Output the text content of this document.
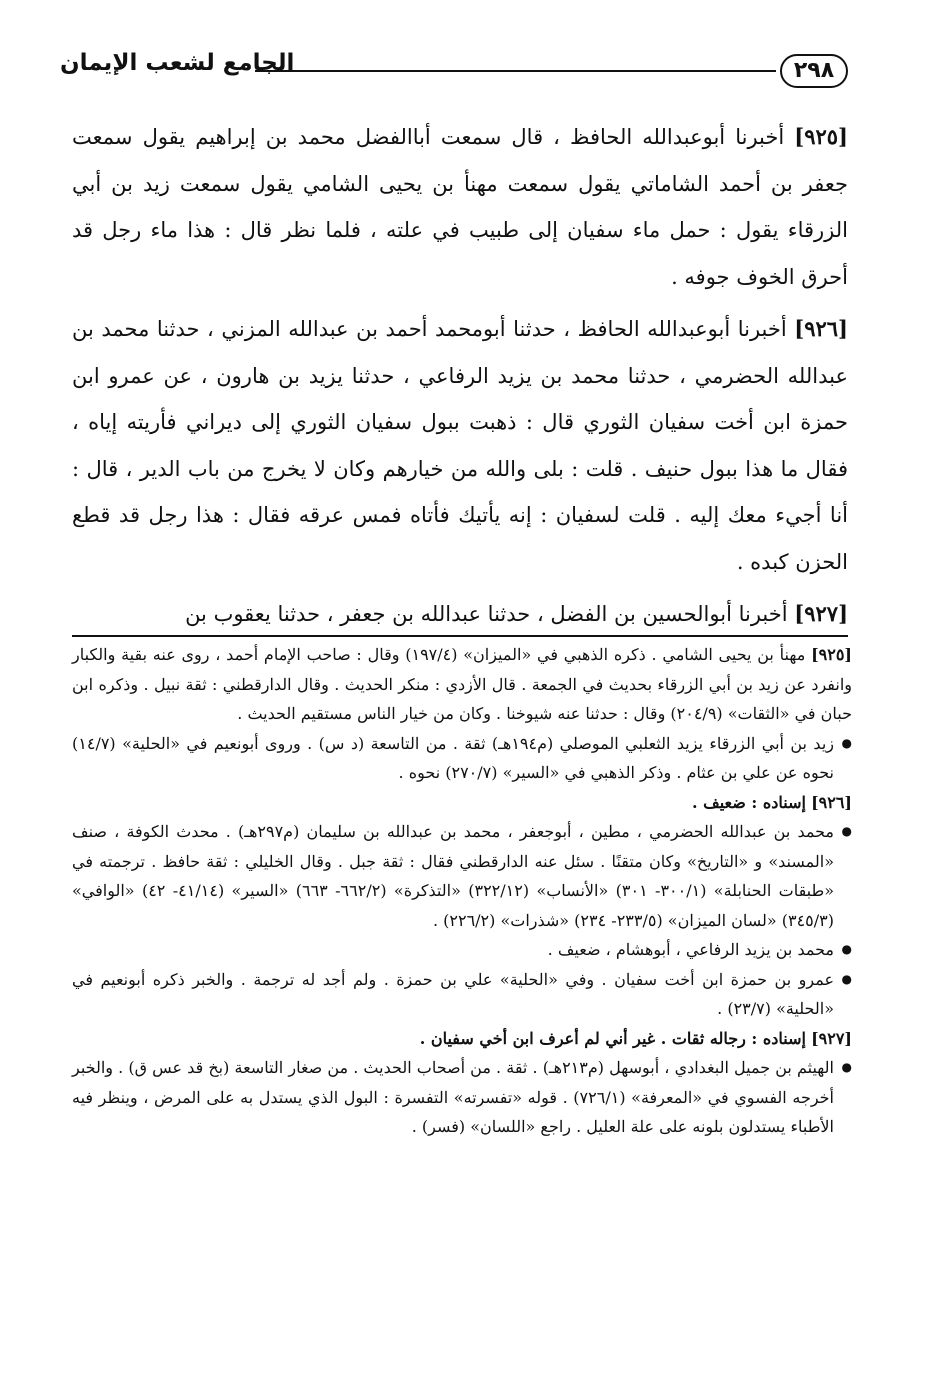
٢٩٨
الجامع لشعب الإيمان

[٩٢٥] أخبرنا أبوعبدالله الحافظ ، قال سمعت أباالفضل محمد بن إبراهيم يقول سمعت جعفر بن أحمد الشاماتي يقول سمعت مهنأ بن يحيى الشامي يقول سمعت زيد بن أبي الزرقاء يقول : حمل ماء سفيان إلى طبيب في علته ، فلما نظر قال : هذا ماء رجل قد أحرق الخوف جوفه .

[٩٢٦] أخبرنا أبوعبدالله الحافظ ، حدثنا أبومحمد أحمد بن عبدالله المزني ، حدثنا محمد بن عبدالله الحضرمي ، حدثنا محمد بن يزيد الرفاعي ، حدثنا يزيد بن هارون ، عن عمرو ابن حمزة ابن أخت سفيان الثوري قال : ذهبت ببول سفيان الثوري إلى ديراني فأريته إياه ، فقال ما هذا ببول حنيف . قلت : بلى والله من خيارهم وكان لا يخرج من باب الدير ، قال : أنا أجيء معك إليه . قلت لسفيان : إنه يأتيك فأتاه فمس عرقه فقال : هذا رجل قد قطع الحزن كبده .

[٩٢٧] أخبرنا أبوالحسين بن الفضل ، حدثنا عبدالله بن جعفر ، حدثنا يعقوب بن

[٩٢٥] مهنأ بن يحيى الشامي . ذكره الذهبي في «الميزان» (١٩٧/٤) وقال : صاحب الإمام أحمد ، روى عنه بقية والكبار وانفرد عن زيد بن أبي الزرقاء بحديث في الجمعة . قال الأزدي : منكر الحديث . وقال الدارقطني : ثقة نبيل . وذكره ابن حبان في «الثقات» (٢٠٤/٩) وقال : حدثنا عنه شيوخنا . وكان من خيار الناس مستقيم الحديث .

● زيد بن أبي الزرقاء يزيد الثعلبي الموصلي (م١٩٤هـ) ثقة . من التاسعة (د س) . وروى أبونعيم في «الحلية» (١٤/٧) نحوه عن علي بن عثام . وذكر الذهبي في «السير» (٢٧٠/٧) نحوه .

[٩٢٦] إسناده : ضعيف .

● محمد بن عبدالله الحضرمي ، مطين ، أبوجعفر ، محمد بن عبدالله بن سليمان (م٢٩٧هـ) . محدث الكوفة ، صنف «المسند» و «التاريخ» وكان متقنًا . سئل عنه الدارقطني فقال : ثقة جبل . وقال الخليلي : ثقة حافظ . ترجمته في «طبقات الحنابلة» (٣٠٠/١- ٣٠١) «الأنساب» (٣٢٢/١٢) «التذكرة» (٦٦٢/٢- ٦٦٣) «السير» (٤١/١٤- ٤٢) «الوافي» (٣٤٥/٣) «لسان الميزان» (٢٣٣/٥- ٢٣٤) «شذرات» (٢٢٦/٢) .

● محمد بن يزيد الرفاعي ، أبوهشام ، ضعيف .

● عمرو بن حمزة ابن أخت سفيان . وفي «الحلية» علي بن حمزة . ولم أجد له ترجمة . والخبر ذكره أبونعيم في «الحلية» (٢٣/٧) .

[٩٢٧] إسناده : رجاله ثقات . غير أني لم أعرف ابن أخي سفيان .

● الهيثم بن جميل البغدادي ، أبوسهل (م٢١٣هـ) . ثقة . من أصحاب الحديث . من صغار التاسعة (بخ قد عس ق) . والخبر أخرجه الفسوي في «المعرفة» (٧٢٦/١) . قوله «تفسرته» التفسرة : البول الذي يستدل به على المرض ، وينظر فيه الأطباء يستدلون بلونه على علة العليل . راجع «اللسان» (فسر) .
